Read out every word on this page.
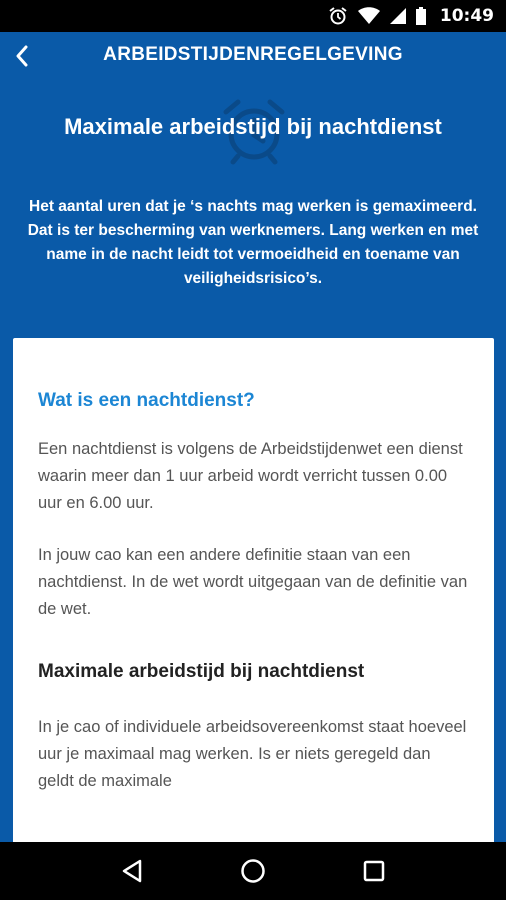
10:49
ARBEIDSTIJDENREGELGEVING
Maximale arbeidstijd bij nachtdienst
Het aantal uren dat je ‘s nachts mag werken is gemaximeerd. Dat is ter bescherming van werknemers. Lang werken en met name in de nacht leidt tot vermoeidheid en toename van veiligheidsrisico’s.
Wat is een nachtdienst?

Een nachtdienst is volgens de Arbeidstijdenwet een dienst waarin meer dan 1 uur arbeid wordt verricht tussen 0.00 uur en 6.00 uur.

In jouw cao kan een andere definitie staan van een nachtdienst. In de wet wordt uitgegaan van de definitie van de wet.

Maximale arbeidstijd bij nachtdienst

In je cao of individuele arbeidsovereenkomst staat hoeveel uur je maximaal mag werken. Is er niets geregeld dan geldt de maximale
